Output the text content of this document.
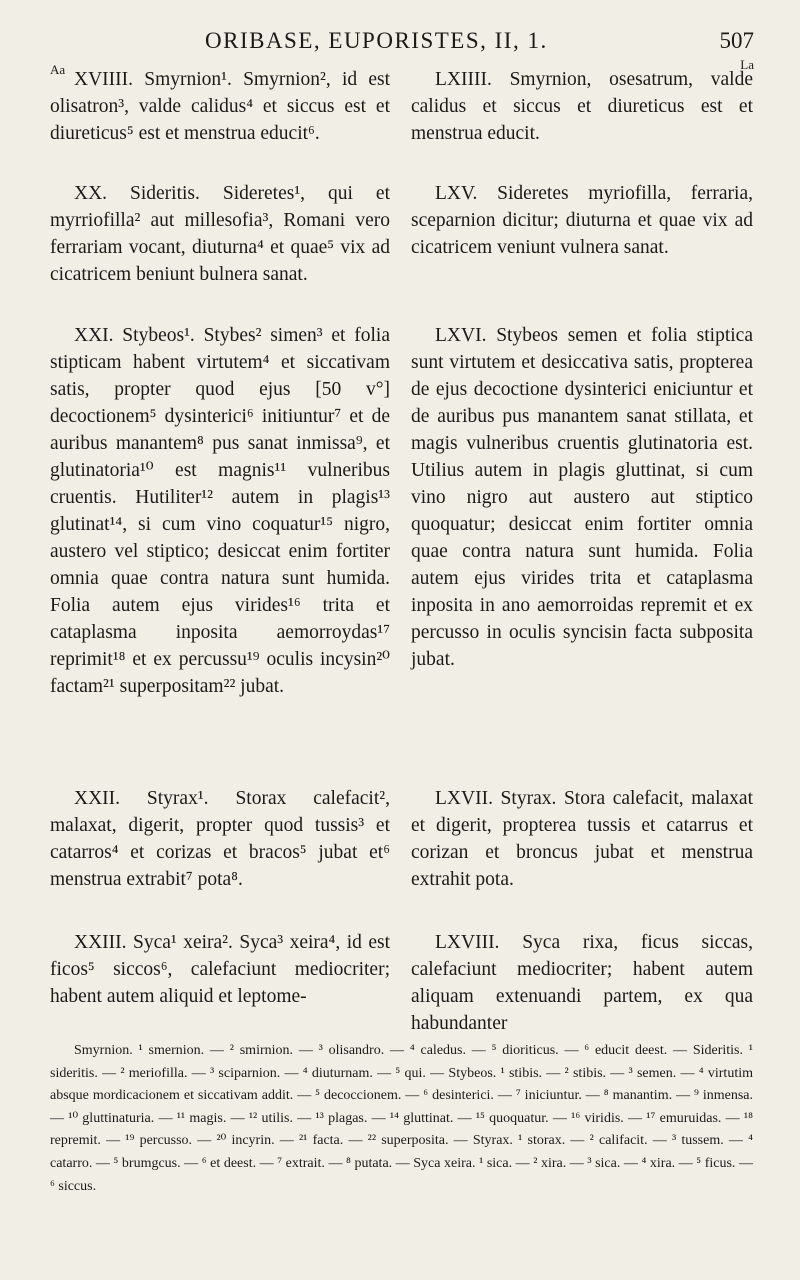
ORIBASE, EUPORISTES, II, 1.	507
Aa	La
XVIIII. Smyrnion¹. Smyrnion², id est olisatron³, valde calidus⁴ et siccus est et diureticus⁵ est et menstrua educit⁶.
LXIIII. Smyrnion, osesatrum, valde calidus et siccus et diureticus est et menstrua educit.
XX. Sideritis. Sideretes¹, qui et myrriofilla² aut millesofia³, Romani vero ferrariam vocant, diuturna⁴ et quae⁵ vix ad cicatricem beniunt bulnera sanat.
LXV. Sideretes myriofilla, ferraria, sceparnion dicitur; diuturna et quae vix ad cicatricem veniunt vulnera sanat.
XXI. Stybeos¹. Stybes² simen³ et folia stipticam habent virtutem⁴ et siccativam satis, propter quod ejus [50 v°] decoctionem⁵ dysinterici⁶ initiuntur⁷ et de auribus manantem⁸ pus sanat inmissa⁹, et glutinatoria¹⁰ est magnis¹¹ vulneribus cruentis. Hutiliter¹² autem in plagis¹³ glutinat¹⁴, si cum vino coquatur¹⁵ nigro, austero vel stiptico; desiccat enim fortiter omnia quae contra natura sunt humida. Folia autem ejus virides¹⁶ trita et cataplasma inposita aemorroydas¹⁷ reprimit¹⁸ et ex percussu¹⁹ oculis incysin²⁰ factam²¹ superpositam²² jubat.
LXVI. Stybeos semen et folia stiptica sunt virtutem et desiccativa satis, propterea de ejus decoctione dysinterici eniciuntur et de auribus pus manantem sanat stillata, et magis vulneribus cruentis glutinatoria est. Utilius autem in plagis gluttinat, si cum vino nigro aut austero aut stiptico quoquatur; desiccat enim fortiter omnia quae contra natura sunt humida. Folia autem ejus virides trita et cataplasma inposita in ano aemorroidas repremit et ex percusso in oculis syncisin facta subposita jubat.
XXII. Styrax¹. Storax calefacit², malaxat, digerit, propter quod tussis³ et catarros⁴ et corizas et bracos⁵ jubat et⁶ menstrua extrabit⁷ pota⁸.
LXVII. Styrax. Stora calefacit, malaxat et digerit, propterea tussis et catarrus et corizan et broncus jubat et menstrua extrahit pota.
XXIII. Syca¹ xeira². Syca³ xeira⁴, id est ficos⁵ siccos⁶, calefaciunt mediocriter; habent autem aliquid et leptome-
LXVIII. Syca rixa, ficus siccas, calefaciunt mediocriter; habent autem aliquam extenuandi partem, ex qua habundanter

Smyrnion. ¹ smernion. — ² smirnion. — ³ olisandro. — ⁴ caledus. — ⁵ dioriticus. — ⁶ educit deest. — Sideritis. ¹ sideritis. — ² meriofilla. — ³ sciparnion. — ⁴ diuturnam. — ⁵ qui. — Stybeos. ¹ stibis. — ² stibis. — ³ semen. — ⁴ virtutim absque mordicacionem et siccativam addit. — ⁵ decoccionem. — ⁶ desinterici. — ⁷ iniciuntur. — ⁸ manantim. — ⁹ inmensa. — ¹⁰ gluttinaturia. — ¹¹ magis. — ¹² utilis. — ¹³ plagas. — ¹⁴ gluttinat. — ¹⁵ quoquatur. — ¹⁶ viridis. — ¹⁷ emuruidas. — ¹⁸ repremit. — ¹⁹ percusso. — ²⁰ incyrin. — ²¹ facta. — ²² superposita. — Styrax. ¹ storax. — ² califacit. — ³ tussem. — ⁴ catarro. — ⁵ brumgcus. — ⁶ et deest. — ⁷ extrait. — ⁸ putata. — Syca xeira. ¹ sica. — ² xira. — ³ sica. — ⁴ xira. — ⁵ ficus. — ⁶ siccus.
